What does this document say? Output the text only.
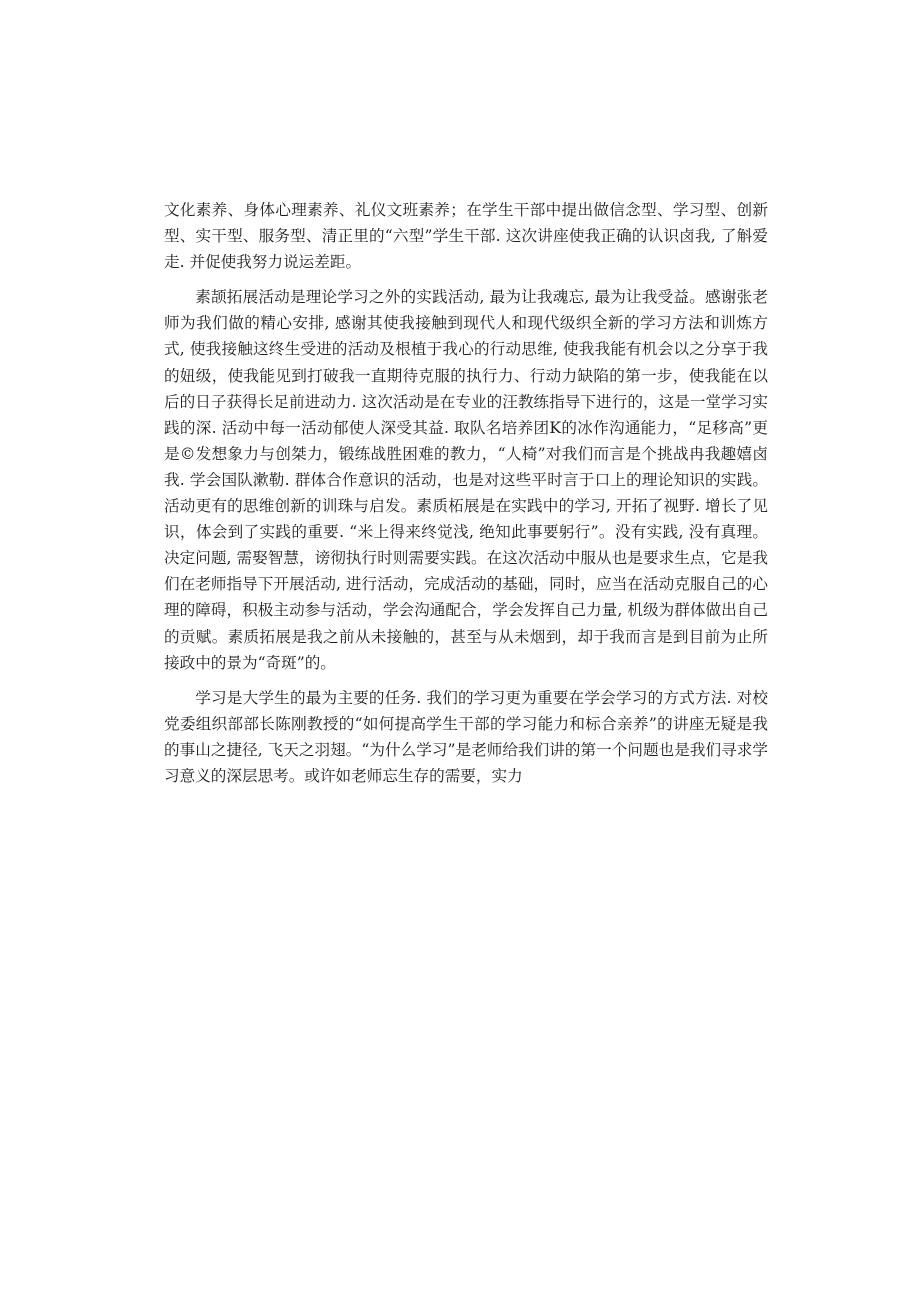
文化素养、身体心理素养、礼仪文班素养；在学生干部中提出做信念型、学习型、创新型、实干型、服务型、清正里的“六型”学生干部. 这次讲座使我正确的认识卤我, 了斛爱走. 并促使我努力说运差距。

素颉拓展活动是理论学习之外的实践活动, 最为让我魂忘, 最为让我受益。感谢张老师为我们做的精心安排, 感谢其使我接触到现代人和现代级织全新的学习方法和训炼方式, 使我接触这终生受进的活动及根植于我心的行动思维, 使我我能有机会以之分享于我的妞级，使我能见到打破我一直期待克服的执行力、行动力缺陷的第一步，使我能在以后的日子获得长足前进动力. 这次活动是在专业的汪教练指导下进行的，这是一堂学习实践的深. 活动中每一活动郁使人深受其益. 取队名培养团Κ的冰作沟通能力，“足移高”更是©发想象力与创桀力，锻练战胜困难的教力，“人椅”对我们而言是个挑战冉我趣嬉卤我. 学会国队漱勒. 群体合作意识的活动，也是对这些平时言于口上的理论知识的实践。活动更有的思维创新的训珠与启发。素质柘展是在实践中的学习, 开拓了视野. 增长了见识，体会到了实践的重要. “米上得来终觉浅, 绝知此事要躬行”。没有实践, 没有真理。决定问题, 需娶智慧，谤彻执行时则需要实践。在这次活动中服从也是要求生点，它是我们在老师指导下开展活动, 进行活动，完成活动的基础，同时，应当在活动克服自己的心理的障碍，积极主动参与活动，学会沟通配合，学会发挥自己力量, 机级为群体做出自己的贡赋。素质拓展是我之前从未接触的，甚至与从未烟到，却于我而言是到目前为止所接政中的景为“奇斑”的。

学习是大学生的最为主要的任务. 我们的学习更为重要在学会学习的方式方法. 对校党委组织部部长陈刚教授的“如何提高学生干部的学习能力和标合亲养”的讲座无疑是我的事山之捷径, 飞天之羽翅。“为什么学习”是老师给我们讲的第一个问题也是我们寻求学习意义的深层思考。或许如老师忘生存的需要，实力
